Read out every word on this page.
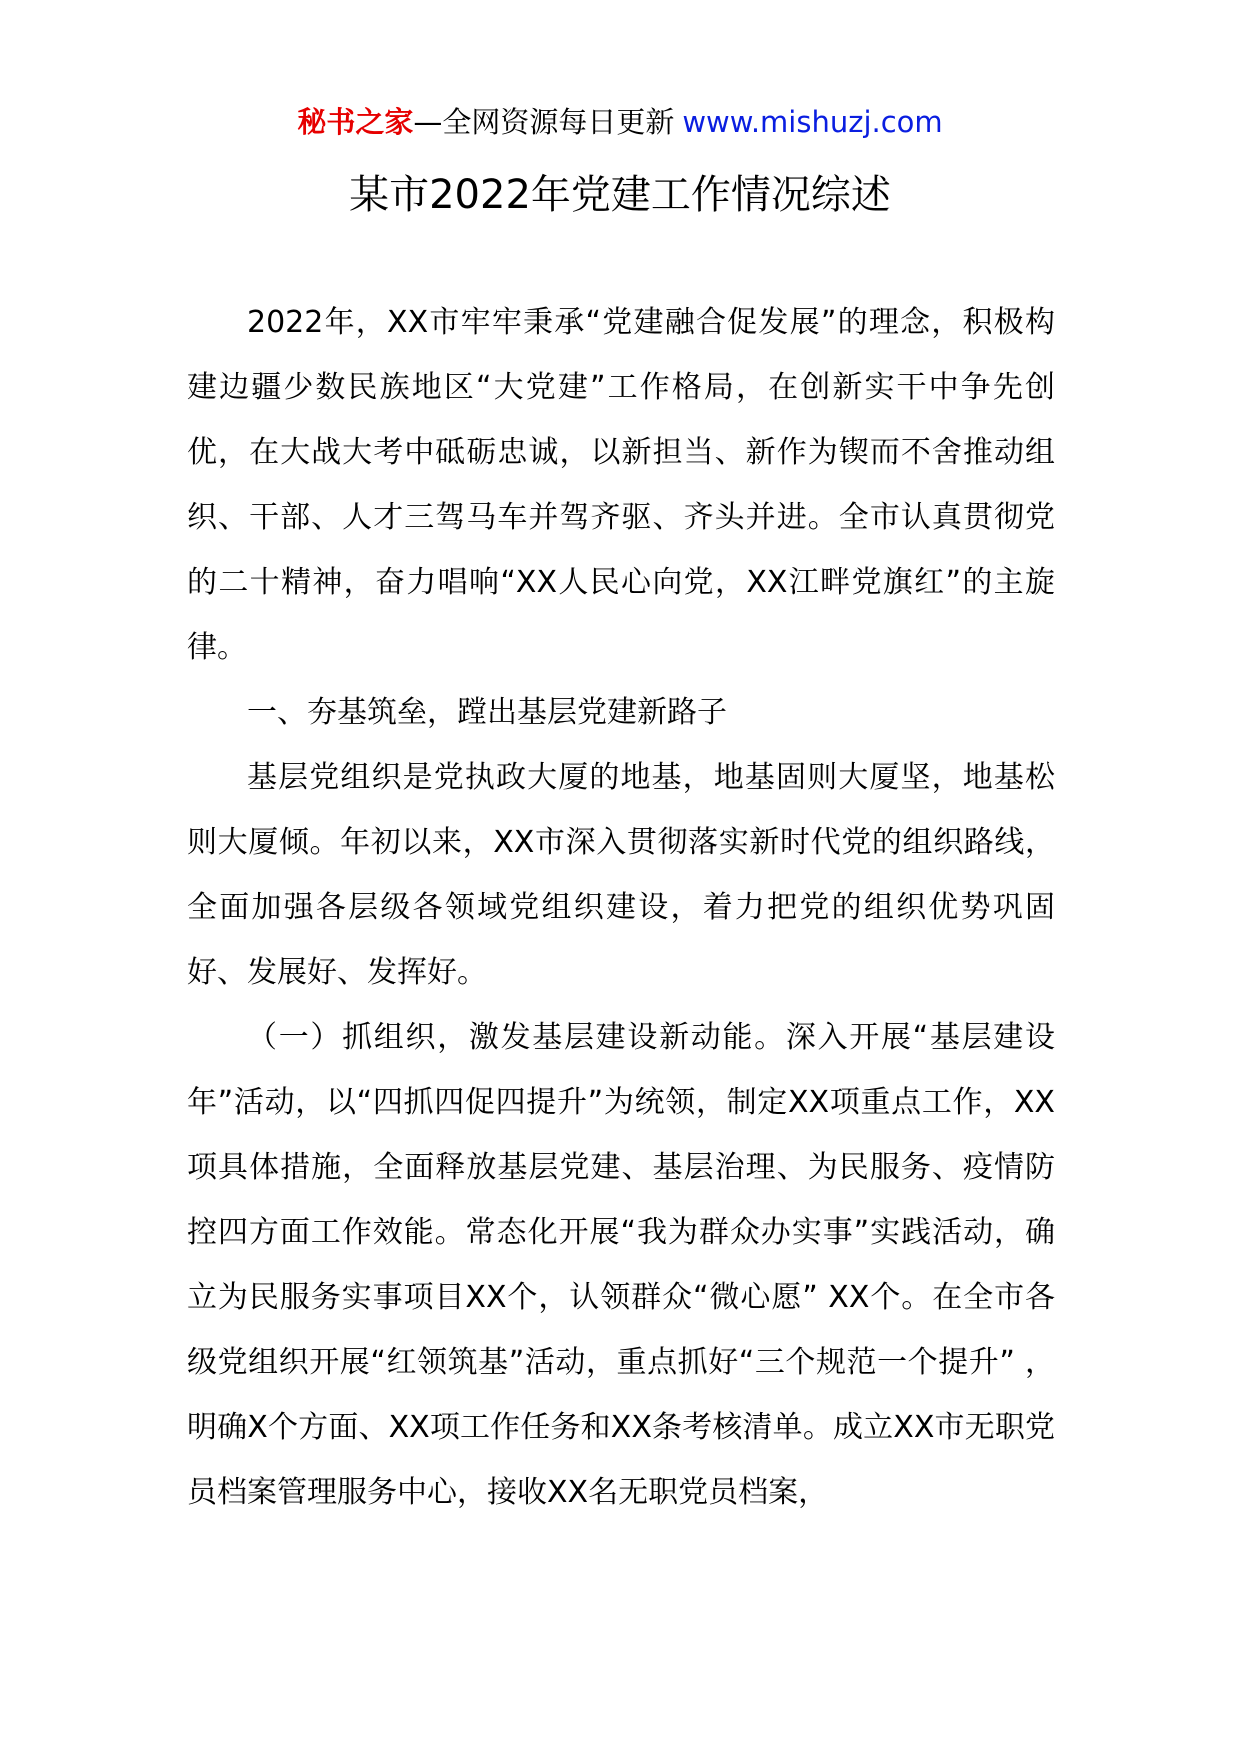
秘书之家—全网资源每日更新 www.mishuzj.com
某市2022年党建工作情况综述

2022年，XX市牢牢秉承“党建融合促发展”的理念，积极构建边疆少数民族地区“大党建”工作格局，在创新实干中争先创优，在大战大考中砥砺忠诚，以新担当、新作为锲而不舍推动组织、干部、人才三驾马车并驾齐驱、齐头并进。全市认真贯彻党的二十精神，奋力唱响“XX人民心向党，XX江畔党旗红”的主旋律。

一、夯基筑垒，蹚出基层党建新路子

基层党组织是党执政大厦的地基，地基固则大厦坚，地基松则大厦倾。年初以来，XX市深入贯彻落实新时代党的组织路线，全面加强各层级各领域党组织建设，着力把党的组织优势巩固好、发展好、发挥好。

（一）抓组织，激发基层建设新动能。深入开展“基层建设年”活动，以“四抓四促四提升”为统领，制定XX项重点工作，XX项具体措施，全面释放基层党建、基层治理、为民服务、疫情防控四方面工作效能。常态化开展“我为群众办实事”实践活动，确立为民服务实事项目XX个，认领群众“微心愿” XX个。在全市各级党组织开展“红领筑基”活动，重点抓好“三个规范一个提升” ，明确X个方面、XX项工作任务和XX条考核清单。成立XX市无职党员档案管理服务中心，接收XX名无职党员档案，
